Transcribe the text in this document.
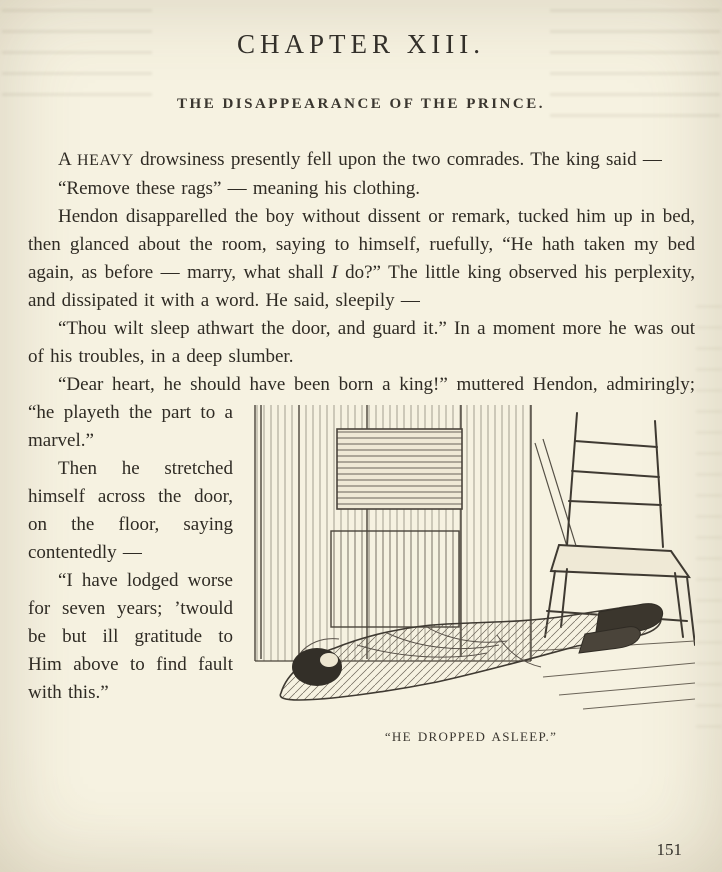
CHAPTER XIII.
THE DISAPPEARANCE OF THE PRINCE.

A HEAVY drowsiness presently fell upon the two comrades. The king said —

“Remove these rags” — meaning his clothing.

Hendon disapparelled the boy without dissent or remark, tucked him up in bed, then glanced about the room, saying to himself, ruefully, “He hath taken my bed again, as before — marry, what shall I do?” The little king observed his perplexity, and dissipated it with a word. He said, sleepily —

“Thou wilt sleep athwart the door, and guard it.” In a moment more he was out of his troubles, in a deep slumber.

“Dear heart, he should have been born a king!” muttered Hendon,
“HE DROPPED ASLEEP.”
admiringly; “he playeth the part to a marvel.”

Then he stretched himself across the door, on the floor, saying contentedly —

“I have lodged worse for seven years; ’twould be but ill gratitude to Him above to find fault with this.”

151
